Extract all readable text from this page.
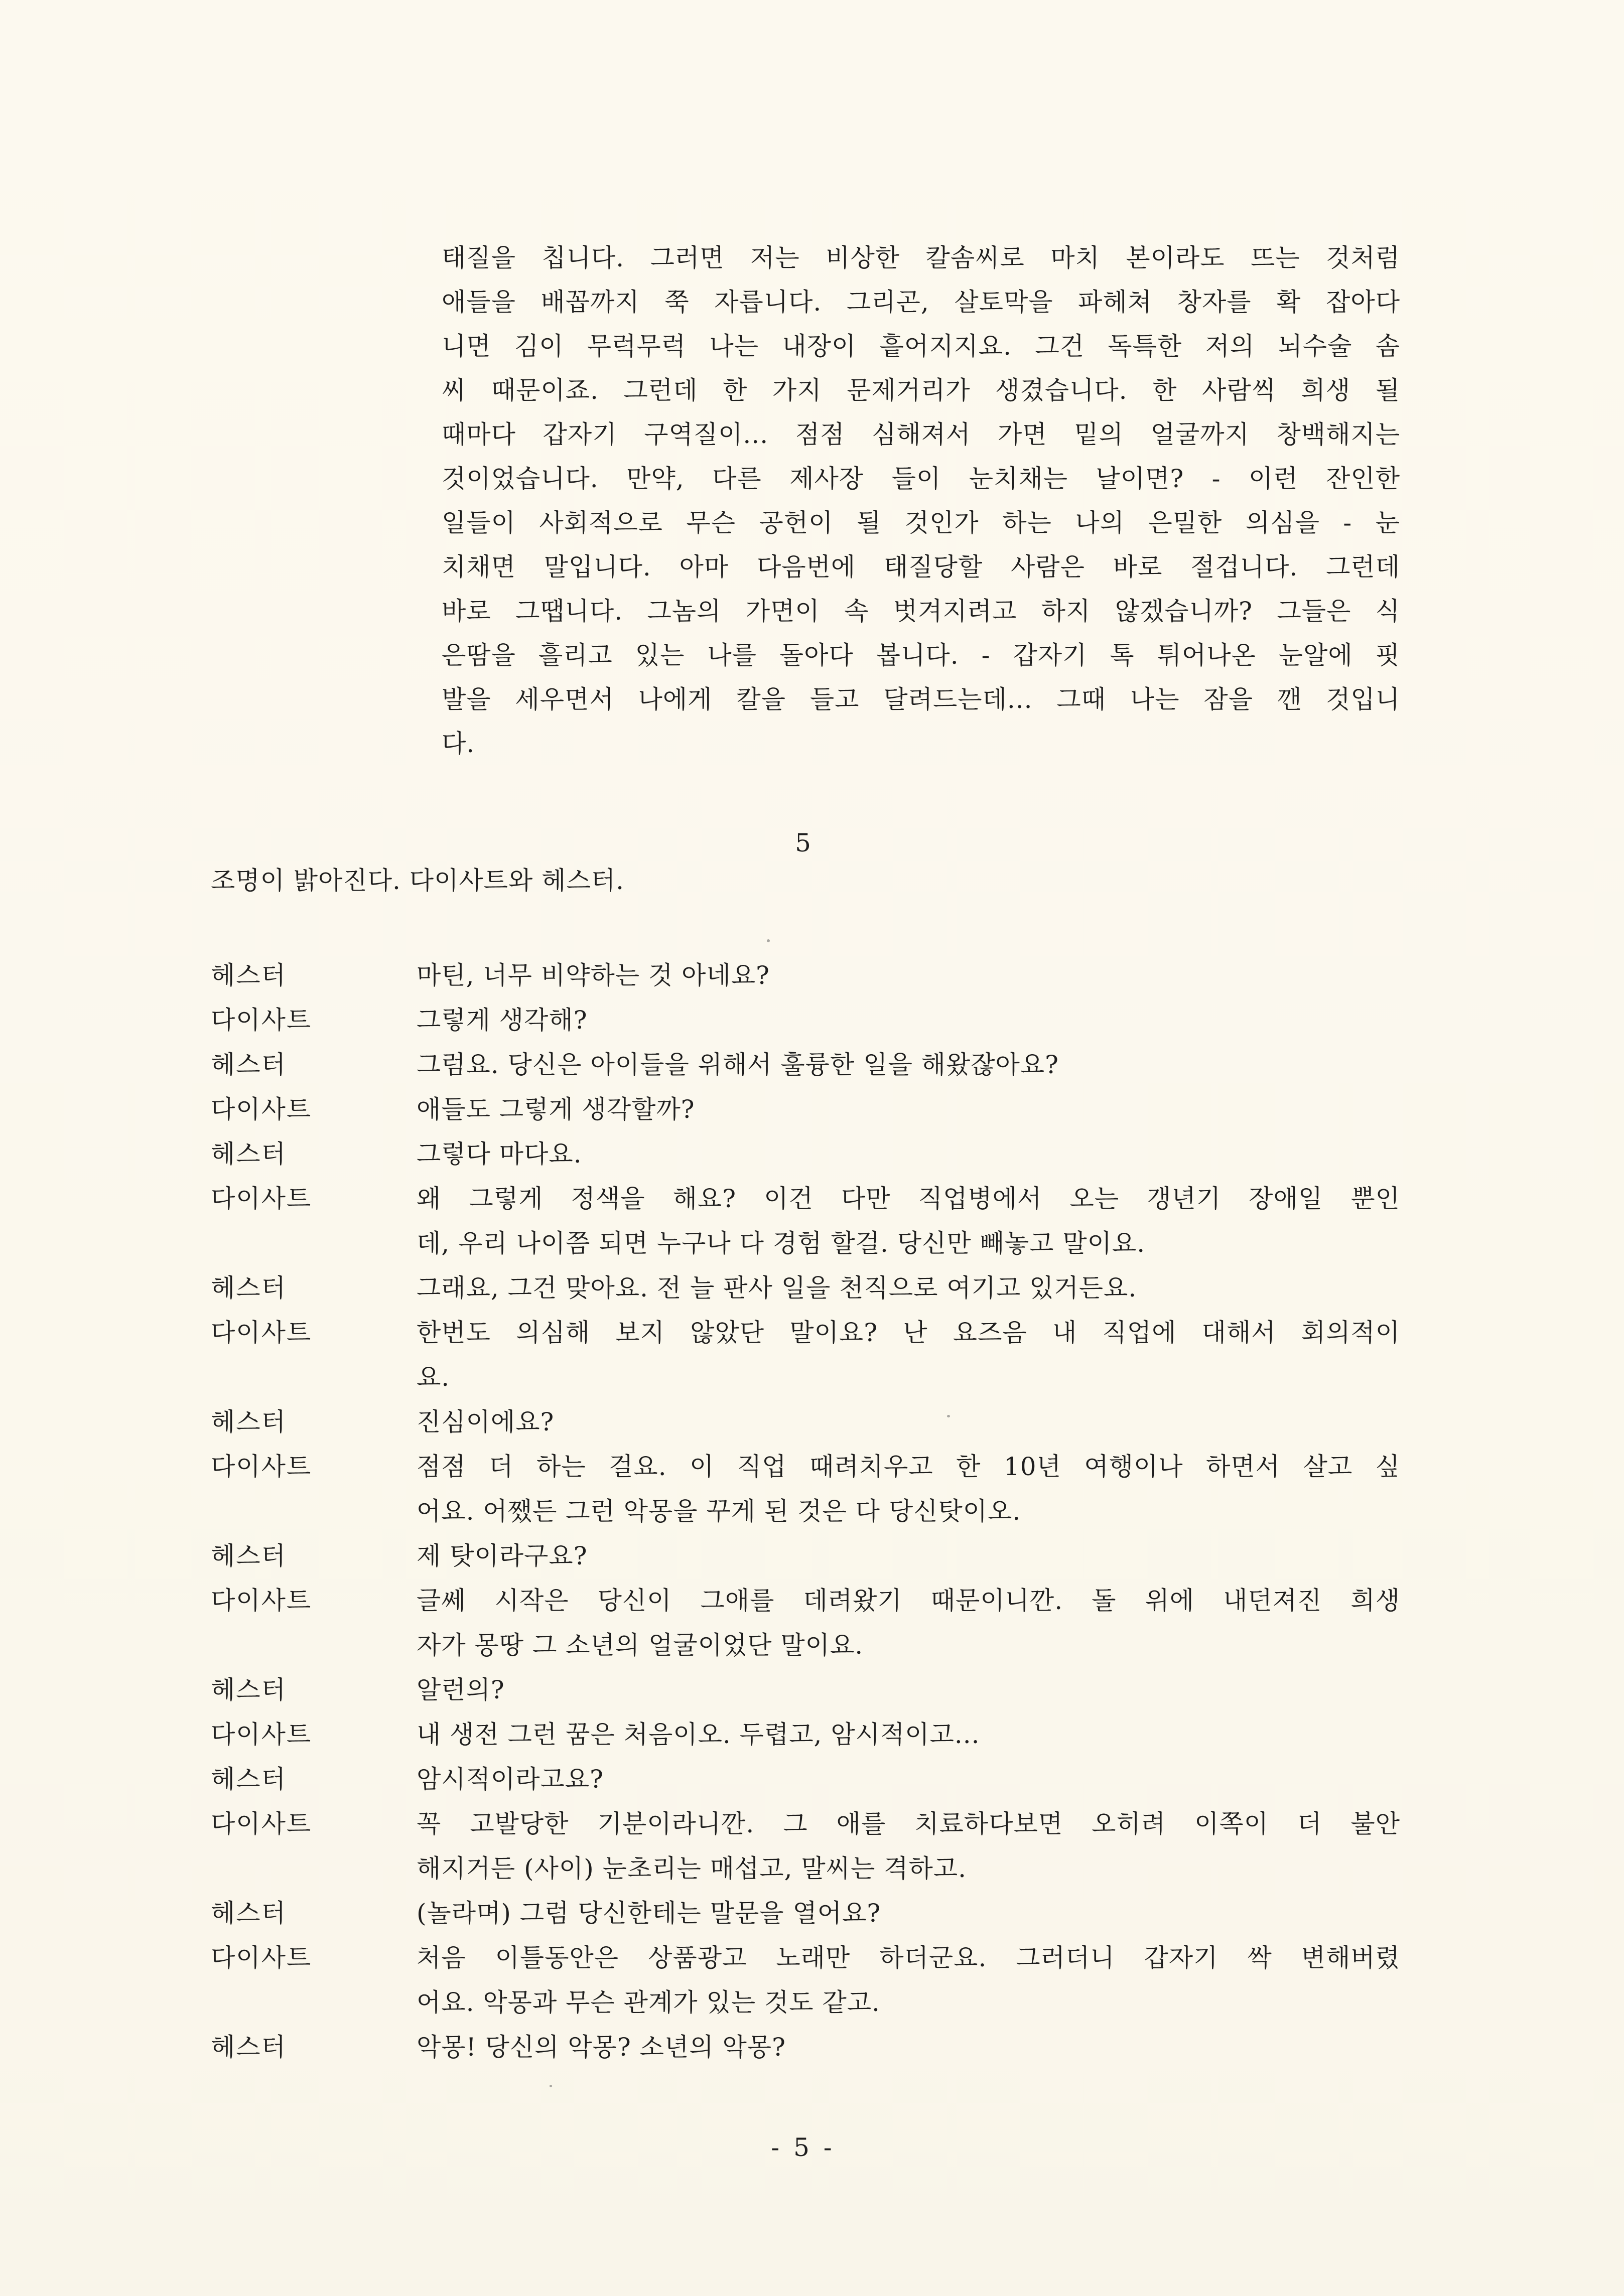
태질을 칩니다. 그러면 저는 비상한 칼솜씨로 마치 본이라도 뜨는 것처럼
애들을 배꼽까지 쭉 자릅니다. 그리곤, 살토막을 파헤쳐 창자를 확 잡아다
니면 김이 무럭무럭 나는 내장이 흩어지지요. 그건 독특한 저의 뇌수술 솜
씨 때문이죠. 그런데 한 가지 문제거리가 생겼습니다. 한 사람씩 희생 될
때마다 갑자기 구역질이... 점점 심해져서 가면 밑의 얼굴까지 창백해지는
것이었습니다. 만약, 다른 제사장 들이 눈치채는 날이면? - 이런 잔인한
일들이 사회적으로 무슨 공헌이 될 것인가 하는 나의 은밀한 의심을 - 눈
치채면 말입니다. 아마 다음번에 태질당할 사람은 바로 절겁니다. 그런데
바로 그땝니다. 그놈의 가면이 속 벗겨지려고 하지 않겠습니까? 그들은 식
은땀을 흘리고 있는 나를 돌아다 봅니다. - 갑자기 톡 튀어나온 눈알에 핏
발을 세우면서 나에게 칼을 들고 달려드는데... 그때 나는 잠을 깬 것입니
다.
5
조명이 밝아진다. 다이사트와 헤스터.
헤스터	마틴, 너무 비약하는 것 아네요?
다이사트	그렇게 생각해?
헤스터	그럼요. 당신은 아이들을 위해서 훌륭한 일을 해왔잖아요?
다이사트	애들도 그렇게 생각할까?
헤스터	그렇다 마다요.
다이사트	왜 그렇게 정색을 해요? 이건 다만 직업병에서 오는 갱년기 장애일 뿐인
데, 우리 나이쯤 되면 누구나 다 경험 할걸. 당신만 빼놓고 말이요.
헤스터	그래요, 그건 맞아요. 전 늘 판사 일을 천직으로 여기고 있거든요.
다이사트	한번도 의심해 보지 않았단 말이요? 난 요즈음 내 직업에 대해서 회의적이
요.
헤스터	진심이에요?
다이사트	점점 더 하는 걸요. 이 직업 때려치우고 한 10년 여행이나 하면서 살고 싶
어요. 어쨌든 그런 악몽을 꾸게 된 것은 다 당신탓이오.
헤스터	제 탓이라구요?
다이사트	글쎄 시작은 당신이 그애를 데려왔기 때문이니깐. 돌 위에 내던져진 희생
자가 몽땅 그 소년의 얼굴이었단 말이요.
헤스터	알런의?
다이사트	내 생전 그런 꿈은 처음이오. 두렵고, 암시적이고...
헤스터	암시적이라고요?
다이사트	꼭 고발당한 기분이라니깐. 그 애를 치료하다보면 오히려 이쪽이 더 불안
해지거든 (사이) 눈초리는 매섭고, 말씨는 격하고.
헤스터	(놀라며) 그럼 당신한테는 말문을 열어요?
다이사트	처음 이틀동안은 상품광고 노래만 하더군요. 그러더니 갑자기 싹 변해버렸
어요. 악몽과 무슨 관계가 있는 것도 같고.
헤스터	악몽! 당신의 악몽? 소년의 악몽?
- 5 -
